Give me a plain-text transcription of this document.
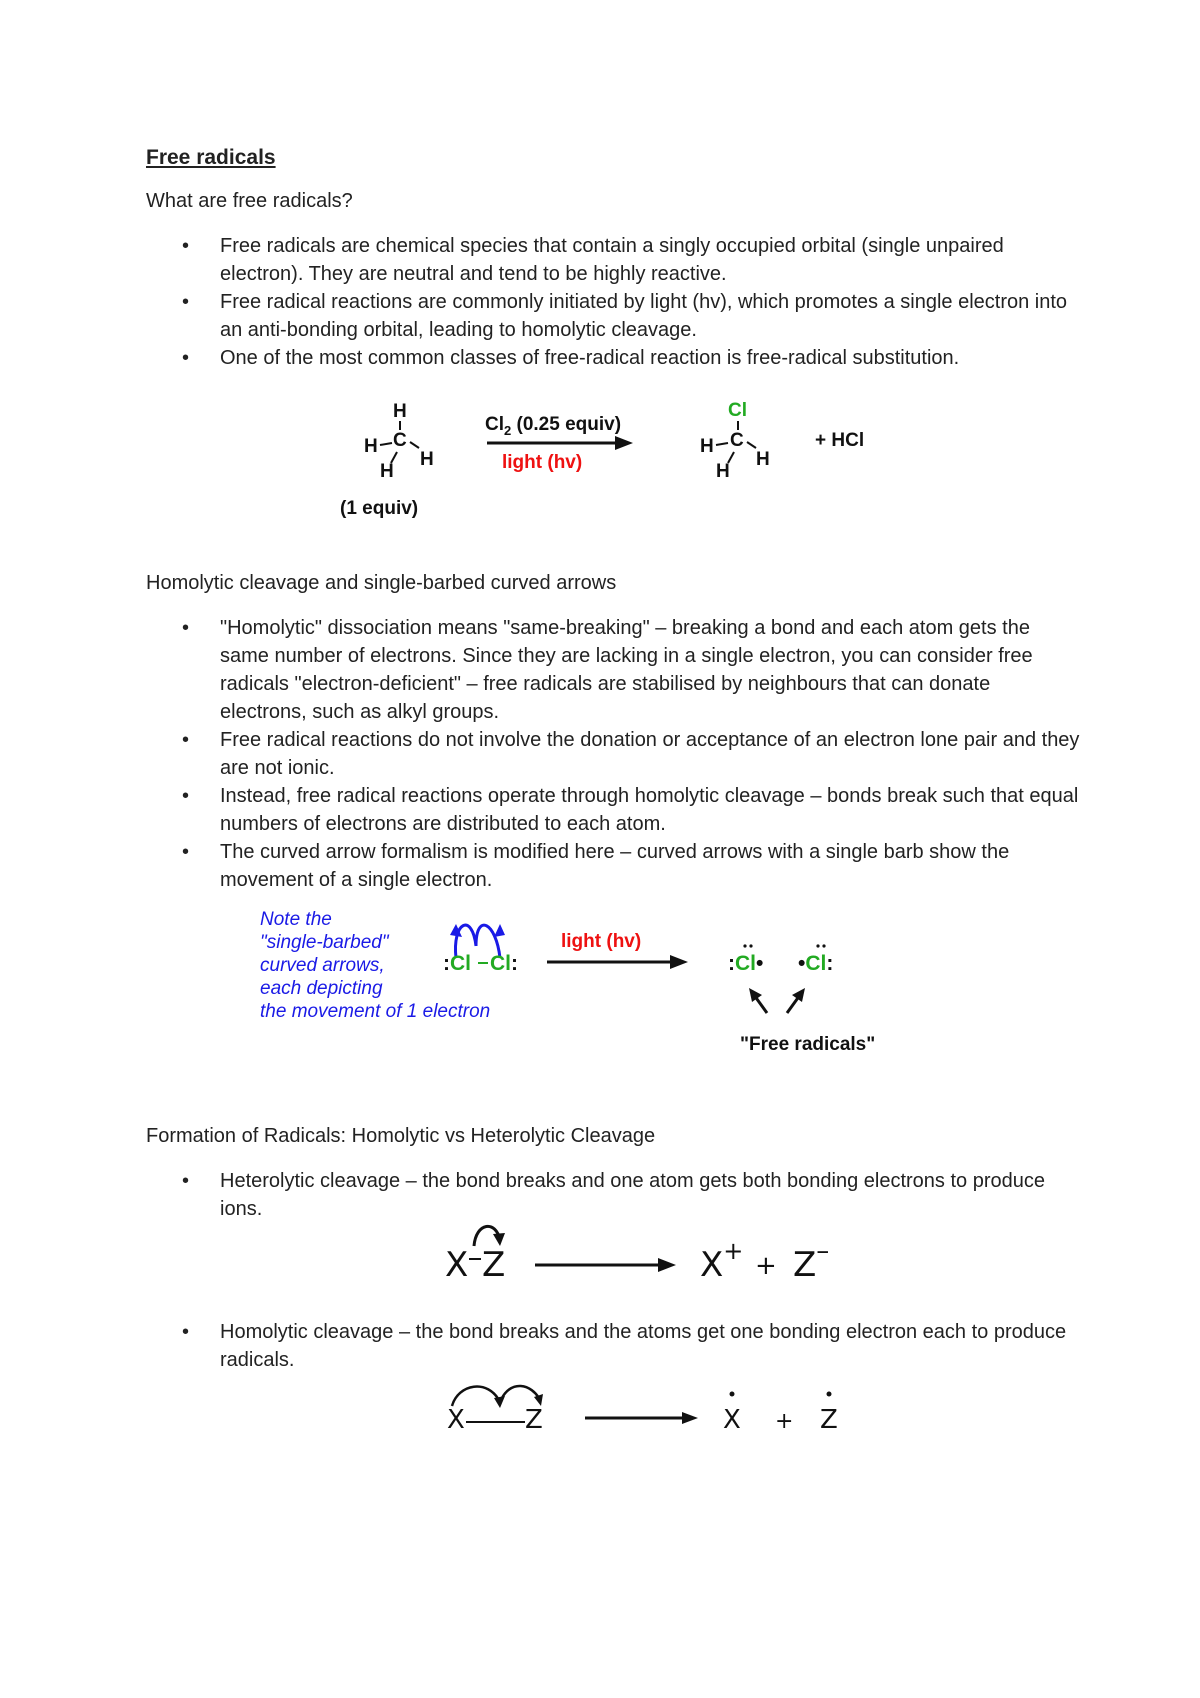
Free radicals
What are free radicals?
• Free radicals are chemical species that contain a singly occupied orbital (single unpaired electron). They are neutral and tend to be highly reactive.
• Free radical reactions are commonly initiated by light (hv), which promotes a single electron into an anti-bonding orbital, leading to homolytic cleavage.
• One of the most common classes of free-radical reaction is free-radical substitution.
H
H C
H
H
(1 equiv)
$Cl_2$ (0.25 equiv)
light (hv)
Cl
H C
H
H
+ HCl
Homolytic cleavage and single-barbed curved arrows
• "Homolytic" dissociation means "same-breaking" – breaking a bond and each atom gets the same number of electrons. Since they are lacking in a single electron, you can consider free radicals "electron-deficient" – free radicals are stabilised by neighbours that can donate electrons, such as alkyl groups.
• Free radical reactions do not involve the donation or acceptance of an electron lone pair and they are not ionic.
• Instead, free radical reactions operate through homolytic cleavage – bonds break such that equal numbers of electrons are distributed to each atom.
• The curved arrow formalism is modified here – curved arrows with a single barb show the movement of a single electron.
Note the
"single-barbed"
curved arrows,
each depicting
the movement of 1 electron
:Cl Cl:
light (hv)
:Cl• •Cl:
"Free radicals"
Formation of Radicals: Homolytic vs Heterolytic Cleavage
• Heterolytic cleavage – the bond breaks and one atom gets both bonding electrons to produce ions.
X Z	X+ + Z–
• Homolytic cleavage – the bond breaks and the atoms get one bonding electron each to produce radicals.
X Z	X + Z
